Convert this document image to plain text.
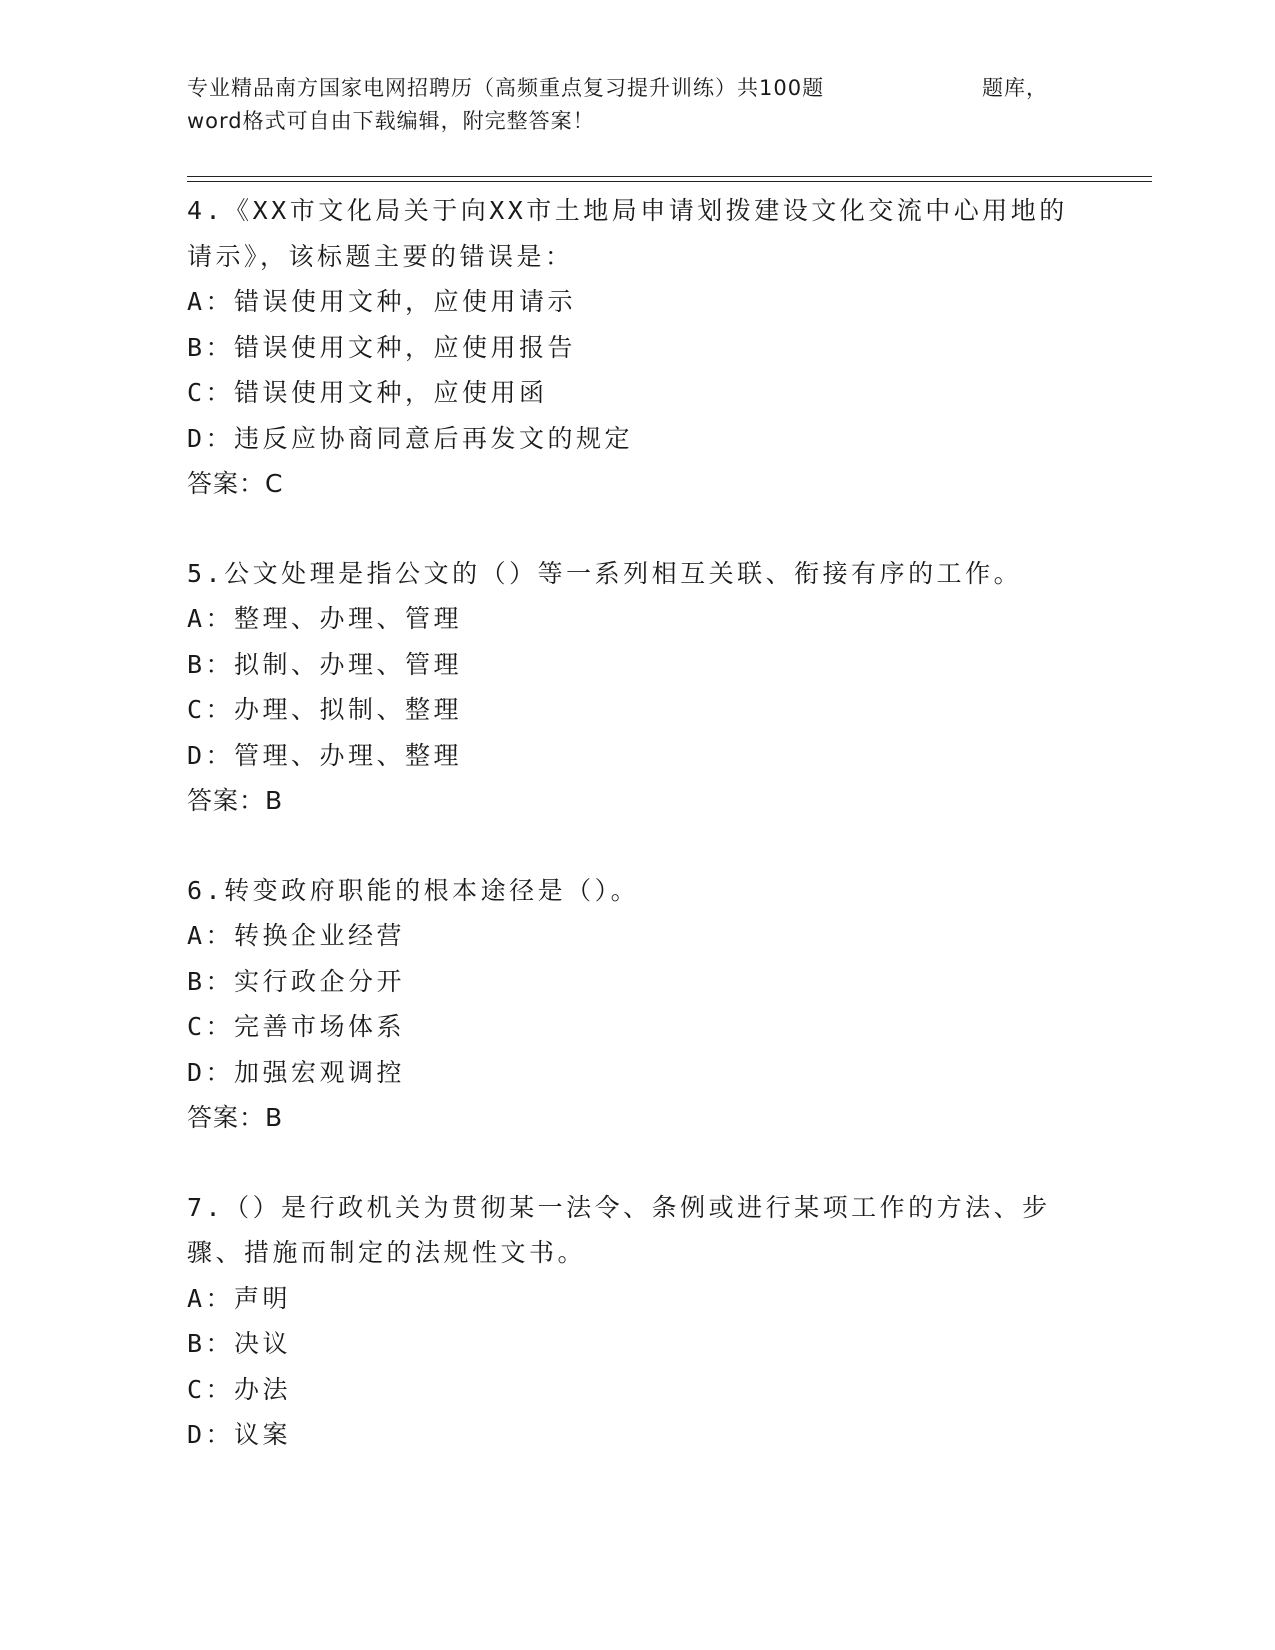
专业精品南方国家电网招聘历（高频重点复习提升训练）共100题	题库，
word格式可自由下载编辑，附完整答案！

4.《XX市文化局关于向XX市土地局申请划拨建设文化交流中心用地的请示》，该标题主要的错误是：

A：错误使用文种，应使用请示

B：错误使用文种，应使用报告

C：错误使用文种，应使用函

D：违反应协商同意后再发文的规定

答案：C

5.公文处理是指公文的（）等一系列相互关联、衔接有序的工作。

A：整理、办理、管理

B：拟制、办理、管理

C：办理、拟制、整理

D：管理、办理、整理

答案：B

6.转变政府职能的根本途径是（）。

A：转换企业经营

B：实行政企分开

C：完善市场体系

D：加强宏观调控

答案：B

7.（）是行政机关为贯彻某一法令、条例或进行某项工作的方法、步骤、措施而制定的法规性文书。

A：声明

B：决议

C：办法

D：议案
